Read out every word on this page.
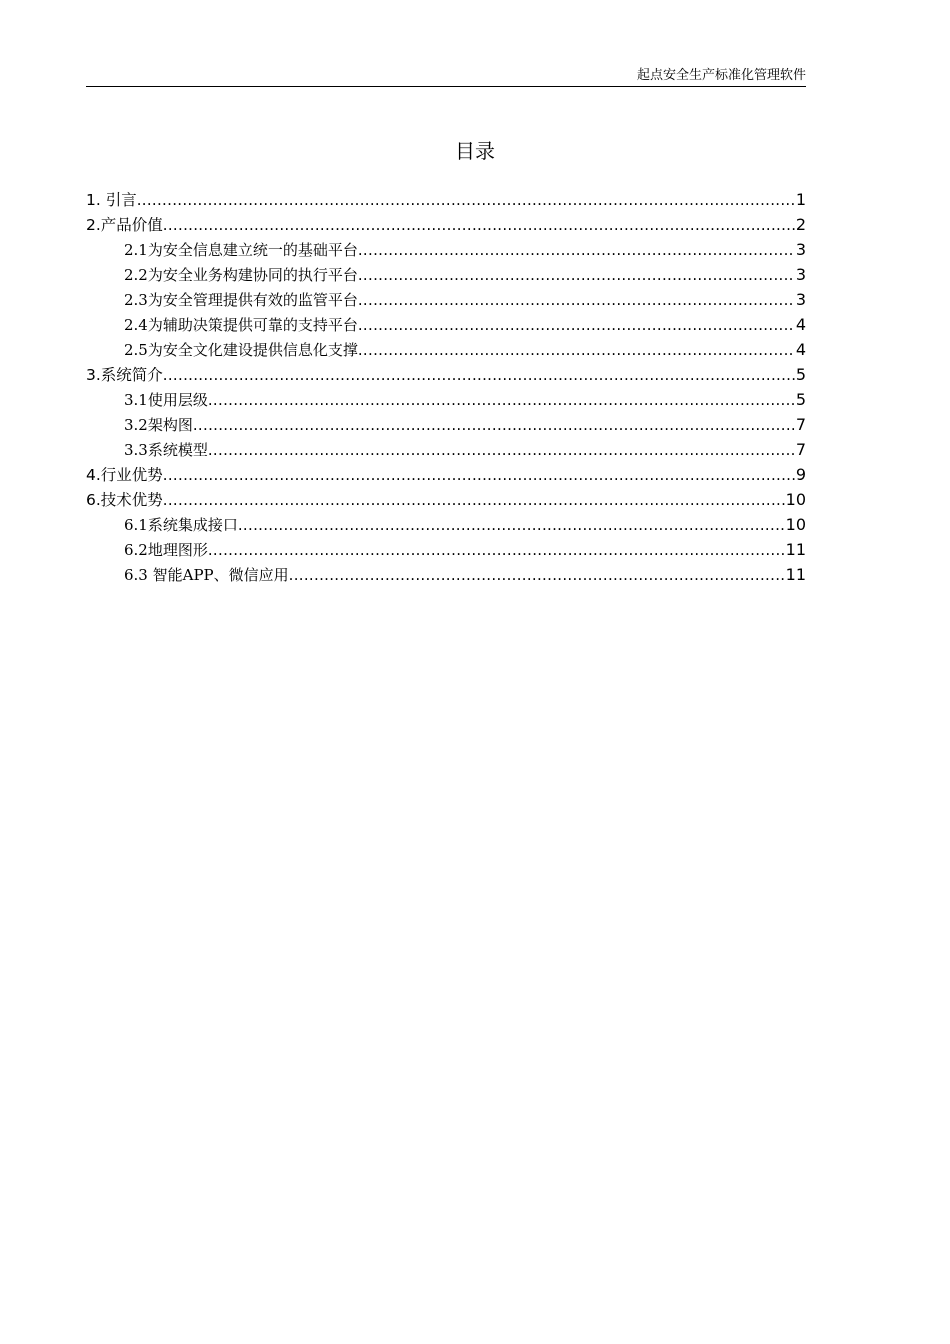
起点安全生产标准化管理软件
目录
1. 引言 .....	1
2.产品价值 .....	2
2.1为安全信息建立统一的基础平台 .....	3
2.2为安全业务构建协同的执行平台 .....	3
2.3为安全管理提供有效的监管平台 .....	3
2.4为辅助决策提供可靠的支持平台 .....	4
2.5为安全文化建设提供信息化支撑 .....	4
3.系统简介 .....	5
3.1使用层级 .....	5
3.2架构图 .....	7
3.3系统模型 .....	7
4.行业优势 .....	9
6.技术优势 .....	10
6.1系统集成接口 .....	10
6.2地理图形 .....	11
6.3 智能APP、微信应用 .....	11
